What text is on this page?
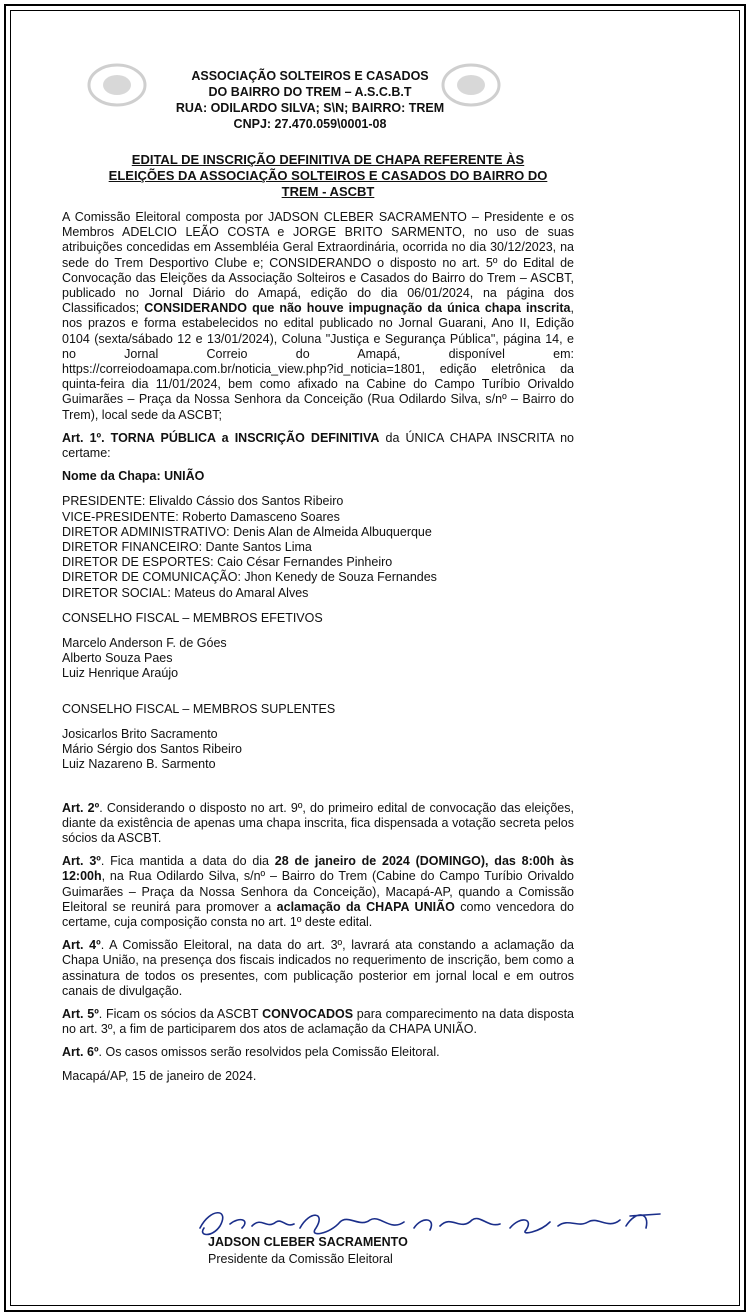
ASSOCIAÇÃO SOLTEIROS E CASADOS
DO BAIRRO DO TREM – A.S.C.B.T
RUA: ODILARDO SILVA; S\N; BAIRRO: TREM
CNPJ: 27.470.059\0001-08
EDITAL DE INSCRIÇÃO DEFINITIVA DE CHAPA REFERENTE ÀS
ELEIÇÕES DA ASSOCIAÇÃO SOLTEIROS E CASADOS DO BAIRRO DO
TREM - ASCBT

A Comissão Eleitoral composta por JADSON CLEBER SACRAMENTO – Presidente e os Membros ADELCIO LEÃO COSTA e JORGE BRITO SARMENTO, no uso de suas atribuições concedidas em Assembléia Geral Extraordinária, ocorrida no dia 30/12/2023, na sede do Trem Desportivo Clube e; CONSIDERANDO o disposto no art. 5º do Edital de Convocação das Eleições da Associação Solteiros e Casados do Bairro do Trem – ASCBT, publicado no Jornal Diário do Amapá, edição do dia 06/01/2024, na página dos Classificados; CONSIDERANDO que não houve impugnação da única chapa inscrita, nos prazos e forma estabelecidos no edital publicado no Jornal Guarani, Ano II, Edição 0104 (sexta/sábado 12 e 13/01/2024), Coluna "Justiça e Segurança Pública", página 14, e no Jornal Correio do Amapá, disponível em: https://correiodoamapa.com.br/noticia_view.php?id_noticia=1801, edição eletrônica da quinta-feira dia 11/01/2024, bem como afixado na Cabine do Campo Turíbio Orivaldo Guimarães – Praça da Nossa Senhora da Conceição (Rua Odilardo Silva, s/nº – Bairro do Trem), local sede da ASCBT;

Art. 1º. TORNA PÚBLICA a INSCRIÇÃO DEFINITIVA da ÚNICA CHAPA INSCRITA no certame:

Nome da Chapa: UNIÃO

PRESIDENTE: Elivaldo Cássio dos Santos Ribeiro
VICE-PRESIDENTE: Roberto Damasceno Soares
DIRETOR ADMINISTRATIVO: Denis Alan de Almeida Albuquerque
DIRETOR FINANCEIRO: Dante Santos Lima
DIRETOR DE ESPORTES: Caio César Fernandes Pinheiro
DIRETOR DE COMUNICAÇÃO: Jhon Kenedy de Souza Fernandes
DIRETOR SOCIAL: Mateus do Amaral Alves
CONSELHO FISCAL – MEMBROS EFETIVOS
Marcelo Anderson F. de Góes
Alberto Souza Paes
Luiz Henrique Araújo
CONSELHO FISCAL – MEMBROS SUPLENTES
Josicarlos Brito Sacramento
Mário Sérgio dos Santos Ribeiro
Luiz Nazareno B. Sarmento

Art. 2º. Considerando o disposto no art. 9º, do primeiro edital de convocação das eleições, diante da existência de apenas uma chapa inscrita, fica dispensada a votação secreta pelos sócios da ASCBT.

Art. 3º. Fica mantida a data do dia 28 de janeiro de 2024 (DOMINGO), das 8:00h às 12:00h, na Rua Odilardo Silva, s/nº – Bairro do Trem (Cabine do Campo Turíbio Orivaldo Guimarães – Praça da Nossa Senhora da Conceição), Macapá-AP, quando a Comissão Eleitoral se reunirá para promover a aclamação da CHAPA UNIÃO como vencedora do certame, cuja composição consta no art. 1º deste edital.

Art. 4º. A Comissão Eleitoral, na data do art. 3º, lavrará ata constando a aclamação da Chapa União, na presença dos fiscais indicados no requerimento de inscrição, bem como a assinatura de todos os presentes, com publicação posterior em jornal local e em outros canais de divulgação.

Art. 5º. Ficam os sócios da ASCBT CONVOCADOS para comparecimento na data disposta no art. 3º, a fim de participarem dos atos de aclamação da CHAPA UNIÃO.

Art. 6º. Os casos omissos serão resolvidos pela Comissão Eleitoral.

Macapá/AP, 15 de janeiro de 2024.

JADSON CLEBER SACRAMENTO
Presidente da Comissão Eleitoral
